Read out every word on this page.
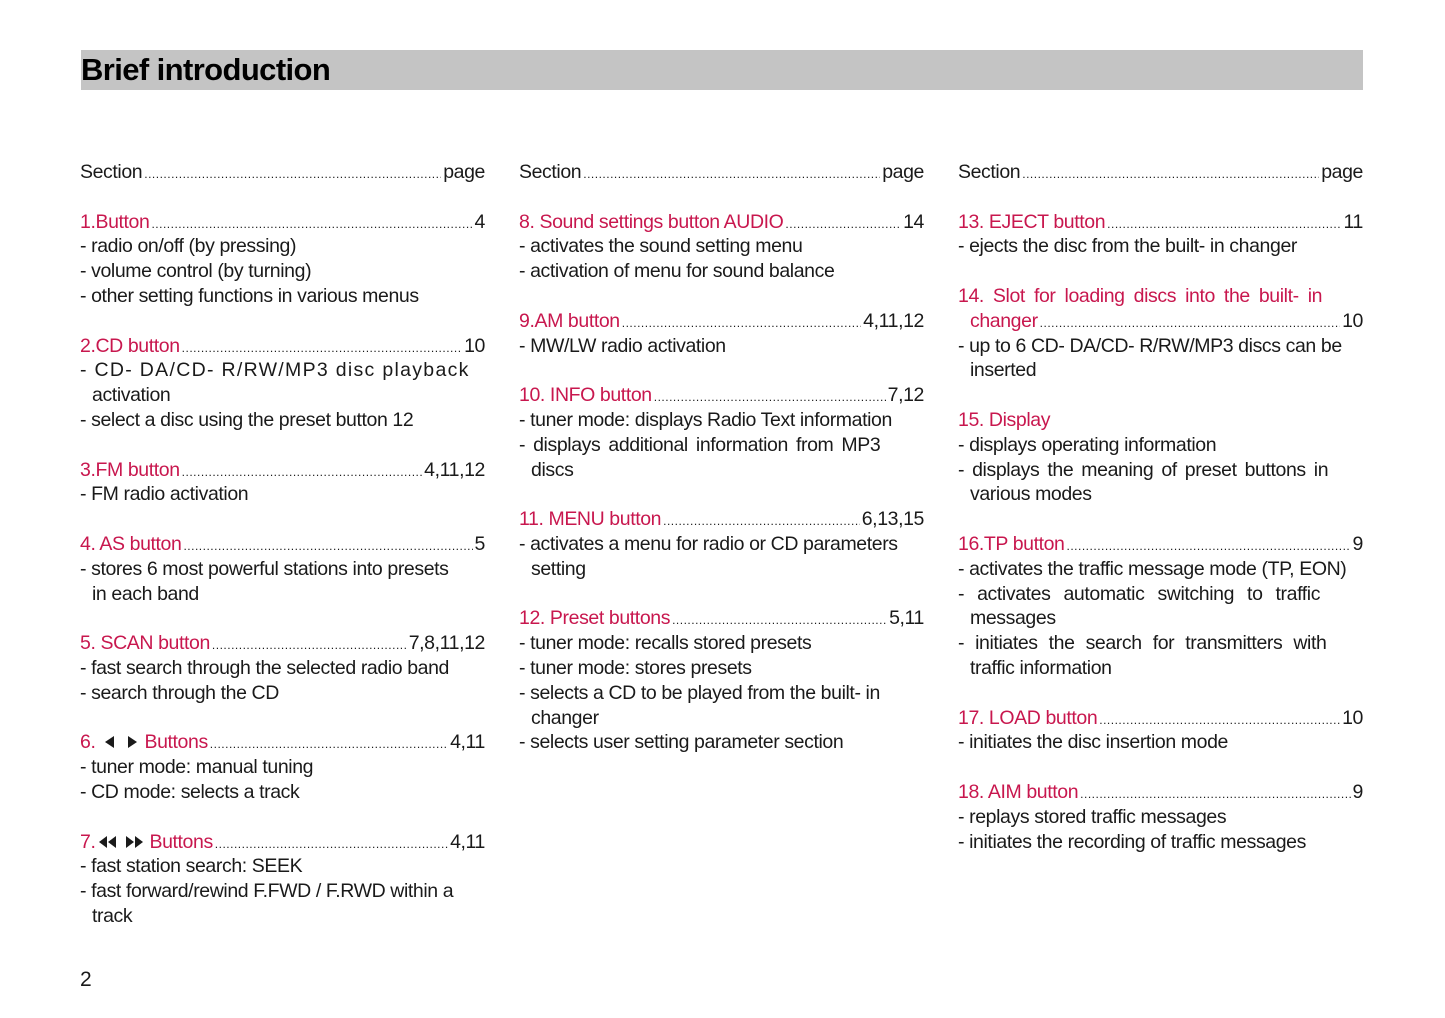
Brief introduction
Section .....	page
1.Button .....	4
- radio on/off (by pressing)
- volume control (by turning)
- other setting functions in various menus
2.CD button .....	10
- CD- DA/CD- R/RW/MP3 disc playback
activation
- select a disc using the preset button 12
3.FM button .....	4,11,12
- FM radio activation
4. AS button .....	5
- stores 6 most powerful stations into presets
in each band
5. SCAN button .....	7,8,11,12
- fast search through the selected radio band
- search through the CD
6.	Buttons .....	4,11
- tuner mode: manual tuning
- CD mode: selects a track
7.	Buttons .....	4,11
- fast station search: SEEK
- fast forward/rewind F.FWD / F.RWD within a
track
Section .....	page
8. Sound settings button AUDIO .....	14
- activates the sound setting menu
- activation of menu for sound balance
9.AM button .....	4,11,12
- MW/LW radio activation
10. INFO button .....	7,12
- tuner mode: displays Radio Text information
- displays additional information from MP3
discs
11. MENU button .....	6,13,15
- activates a menu for radio or CD parameters
setting
12. Preset buttons .....	5,11
- tuner mode: recalls stored presets
- tuner mode: stores presets
- selects a CD to be played from the built- in
changer
- selects user setting parameter section
Section .....	page
13. EJECT button .....	11
- ejects the disc from the built- in changer
14. Slot for loading discs into the built- in
changer .....	10
- up to 6 CD- DA/CD- R/RW/MP3 discs can be
inserted
15. Display
- displays operating information
- displays the meaning of preset buttons in
various modes
16.TP button .....	9
- activates the traffic message mode (TP, EON)
- activates automatic switching to traffic
messages
- initiates the search for transmitters with
traffic information
17. LOAD button .....	10
- initiates the disc insertion mode
18. AIM button .....	9
- replays stored traffic messages
- initiates the recording of traffic messages
2
